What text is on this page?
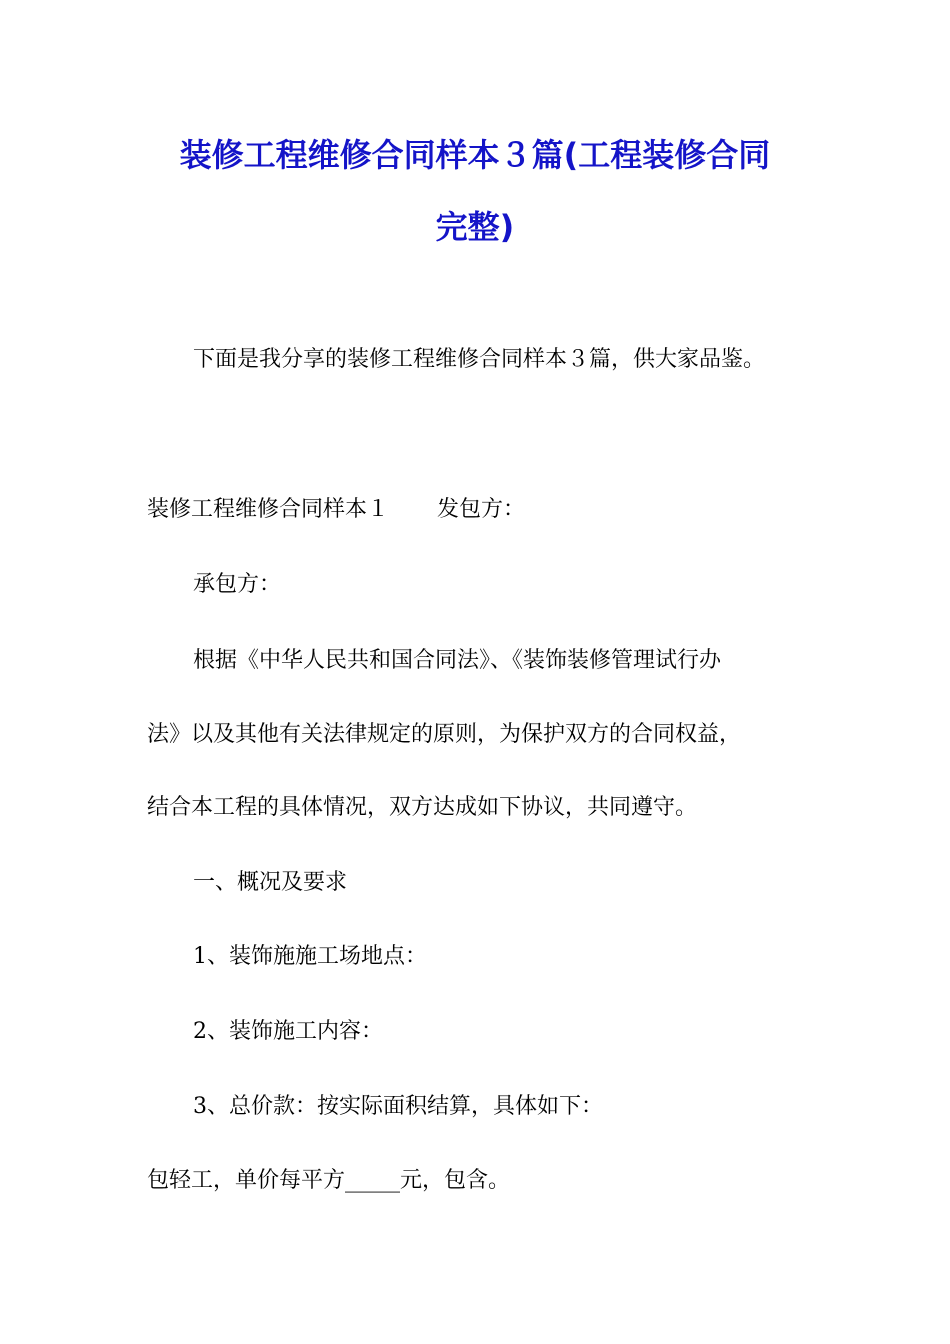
装修工程维修合同样本３篇(工程装修合同
完整)
下面是我分享的装修工程维修合同样本３篇，供大家品鉴。
装修工程维修合同样本１ 发包方：
承包方：
根据《中华人民共和国合同法》、《装饰装修管理试行办
法》以及其他有关法律规定的原则，为保护双方的合同权益，
结合本工程的具体情况，双方达成如下协议，共同遵守。
一、概况及要求
1、装饰施施工场地点：
2、装饰施工内容：
3、总价款：按实际面积结算，具体如下：
包轻工，单价每平方_____元，包含。
